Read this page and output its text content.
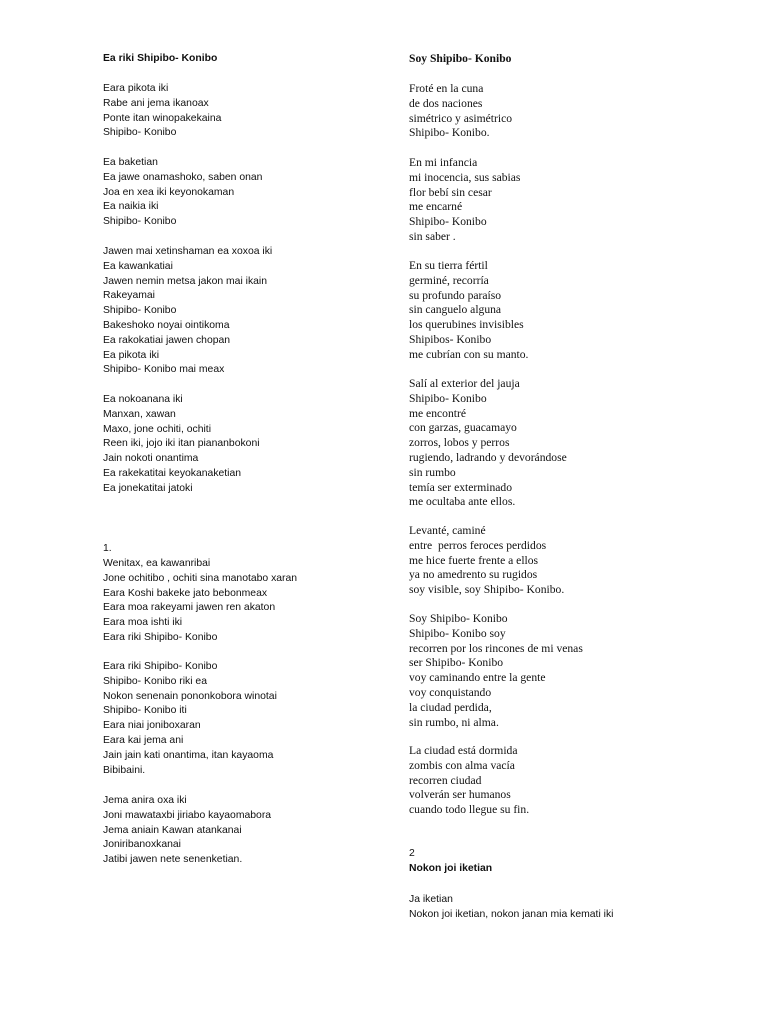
Ea riki Shipibo- Konibo
Eara pikota iki
Rabe ani jema ikanoax
Ponte itan winopakekaina
Shipibo- Konibo
Ea baketian
Ea jawe onamashoko, saben onan
Joa en xea iki keyonokaman
Ea naikia iki
Shipibo- Konibo
Jawen mai xetinshaman ea xoxoa iki
Ea kawankatiai
Jawen nemin metsa jakon mai ikain
Rakeyamai
Shipibo- Konibo
Bakeshoko noyai ointikoma
Ea rakokatiai jawen chopan
Ea pikota iki
Shipibo- Konibo mai meax
Ea nokoanana iki
Manxan, xawan
Maxo, jone ochiti, ochiti
Reen iki, jojo iki itan piananbokoni
Jain nokoti onantima
Ea rakekatitai keyokanaketian
Ea jonekatitai jatoki
1.
Wenitax, ea kawanribai
Jone ochitibo , ochiti sina manotabo xaran
Eara Koshi bakeke jato bebonmeax
Eara moa rakeyami jawen ren akaton
Eara moa ishti iki
Eara riki Shipibo- Konibo
Eara riki Shipibo- Konibo
Shipibo- Konibo riki ea
Nokon senenain pononkobora winotai
Shipibo- Konibo iti
Eara niai joniboxaran
Eara kai jema ani
Jain jain kati onantima, itan kayaoma
Bibibaini.
Jema anira oxa iki
Joni mawataxbi jiriabo kayaomabora
Jema aniain Kawan atankanai
Joniribanoxkanai
Jatibi jawen nete senenketian.
Soy Shipibo- Konibo
Froté en la cuna
de dos naciones
simétrico y asimétrico
Shipibo- Konibo.
En mi infancia
mi inocencia, sus sabias
flor bebí sin cesar
me encarné
Shipibo- Konibo
sin saber .
En su tierra fértil
germiné, recorría
su profundo paraíso
sin canguelo alguna
los querubines invisibles
Shipibos- Konibo
me cubrían con su manto.
Salí al exterior del jauja
Shipibo- Konibo
me encontré
con garzas, guacamayo
zorros, lobos y perros
rugiendo, ladrando y devorándose
sin rumbo
temía ser exterminado
me ocultaba ante ellos.
Levanté, caminé
entre  perros feroces perdidos
me hice fuerte frente a ellos
ya no amedrento su rugidos
soy visible, soy Shipibo- Konibo.
Soy Shipibo- Konibo
Shipibo- Konibo soy
recorren por los rincones de mi venas
ser Shipibo- Konibo
voy caminando entre la gente
voy conquistando
la ciudad perdida,
sin rumbo, ni alma.
La ciudad está dormida
zombis con alma vacía
recorren ciudad
volverán ser humanos
cuando todo llegue su fin.
2
Nokon joi iketian
Ja iketian
Nokon joi iketian, nokon janan mia kemati iki
